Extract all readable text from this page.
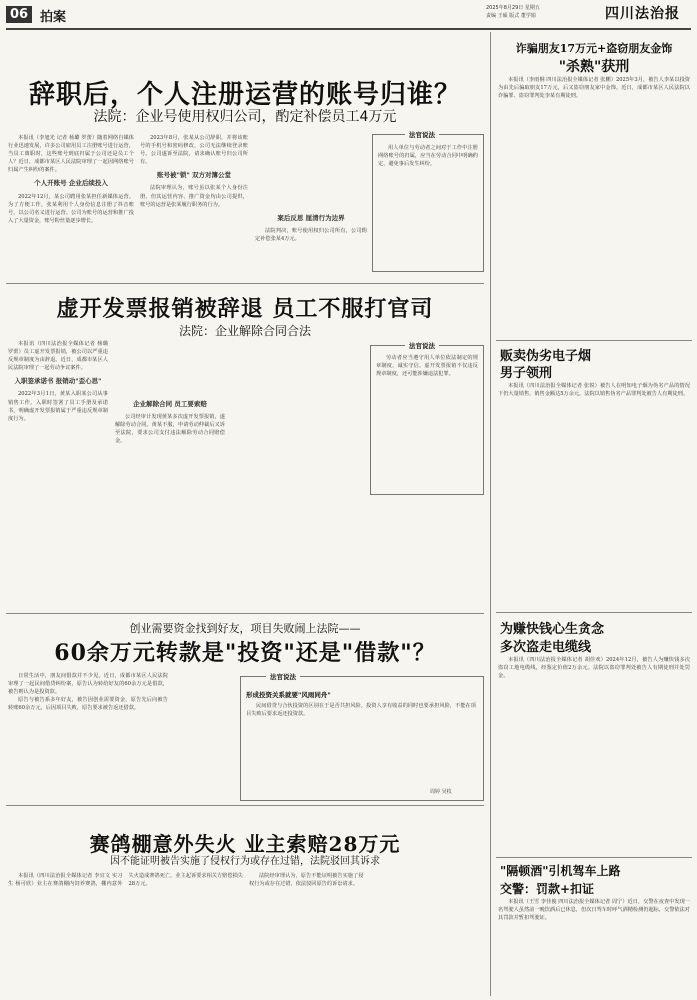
06 拍案
2025年8月29日 星期五
责编 王硕 版式 董学娟	四川法治报
辞职后，个人注册运营的账号归谁？
法院：企业号使用权归公司，酌定补偿员工4万元

本报讯（李旭光 记者 杨璐 罗蕾）随着网络自媒体行业迅速发展，许多公司雇用员工注册账号进行运营，当员工离职时，这些账号到底归属于公司还是员工个人？近日，成都市某区人民法院审理了一起因网络账号归属产生纠纷的案件。

个人开账号 企业后续投入

2022年12月，某公司聘用张某担任新媒体运营。为了方便工作，张某利用个人身份信息注册了抖音账号，以公司名义进行运营。公司为账号的运营和推广投入了大量资金，账号粉丝量逐步增长。

2023年8月，张某从公司辞职，并将该账号的手机号和密码修改，公司无法继续登录账号。公司遂诉至法院，请求确认账号归公司所有。

账号被"锁" 双方对簿公堂

法院审理认为，账号虽以张某个人身份注册，但其运营内容、推广资金均由公司提供，账号的运营是张某履行职务的行为。

案后反思 厘清行为边界

法院判决，账号使用权归公司所有，公司酌定补偿张某4万元。

法官说法

用人单位与劳动者之间对于工作中注册网络账号的归属，应当在劳动合同中明确约定，避免事后发生纠纷。

虚开发票报销被辞退 员工不服打官司
法院：企业解除合同合法

本报讯（四川法治报全媒体记者 杨璐 罗蕾）员工虚开发票报销，被公司以严重违反规章制度为由辞退。近日，成都市某区人民法院审理了一起劳动争议案件。

入职签承诺书 报销动"歪心思"

2022年3月1日，黄某入职某公司从事销售工作。入职时签署了员工手册及承诺书，明确虚开发票报销属于严重违反规章制度行为。

企业解除合同 员工要索赔

公司经审计发现黄某多次虚开发票报销，遂解除劳动合同。黄某不服，申请劳动仲裁后又诉至法院，要求公司支付违法解除劳动合同赔偿金。

法官说法

劳动者应当遵守用人单位依法制定的规章制度，诚实守信。虚开发票报销不仅违反规章制度，还可能涉嫌违法犯罪。

创业需要资金找到好友，项目失败闹上法院——
60余万元转款是"投资"还是"借款"？

日常生活中，朋友间借款并不少见。近日，成都市某区人民法院审理了一起民间借贷纠纷案，原告认为转给好友的60余万元是借款，被告则认为是投资款。

原告与被告系多年好友，被告因创业需要资金，原告先后向被告转账60余万元，后因项目失败，原告要求被告返还借款。

法官说法
形成投资关系就要"风雨同舟"

民间借贷与合伙投资的区别在于是否共担风险。投资人享有收益的同时也要承担风险，不能在项目失败后要求返还投资款。

周婷 吴枚
赛鸽棚意外失火 业主索赔28万元
因不能证明被告实施了侵权行为或存在过错，法院驳回其诉求

本报讯（四川法治报全媒体记者 李宜文 实习生 杨可欣）业主在赛鸽棚内饲养赛鸽，棚内意外失火造成赛鸽死亡，业主起诉要求相关方赔偿损失28万元。

法院经审理认为，原告不能证明被告实施了侵权行为或存在过错，依法驳回原告的诉讼请求。

诈骗朋友17万元+盗窃朋友金饰
"杀熟"获刑

本报讯（李雨桐 四川法治报全媒体记者 张鹏）2025年3月，被告人李某以投资为由先后骗取朋友17万元，后又盗窃朋友家中金饰。近日，成都市某区人民法院以诈骗罪、盗窃罪判处李某有期徒刑。

贩卖伪劣电子烟
男子领刑

本报讯（四川法治报全媒体记者 张锐）被告人在明知电子烟为伪劣产品的情况下仍大量销售，销售金额达5万余元。法院以销售伪劣产品罪判处被告人有期徒刑。

为赚快钱心生贪念
多次盗走电缆线

本报讯（四川法治报全媒体记者 胡佳欢）2024年12月，被告人为赚快钱多次盗窃工地电缆线，经鉴定价值2万余元。法院以盗窃罪判处被告人有期徒刑并处罚金。

"隔顿酒"引机驾车上路
交警：罚款+扣证

本报讯（王雪 李佳俊 四川法治报全媒体记者 周宁）近日，交警在夜查中发现一名驾驶人虽然前一晚饮酒后已休息，但次日驾车时呼气酒精检测仍超标，交警依法对其罚款并暂扣驾驶证。
